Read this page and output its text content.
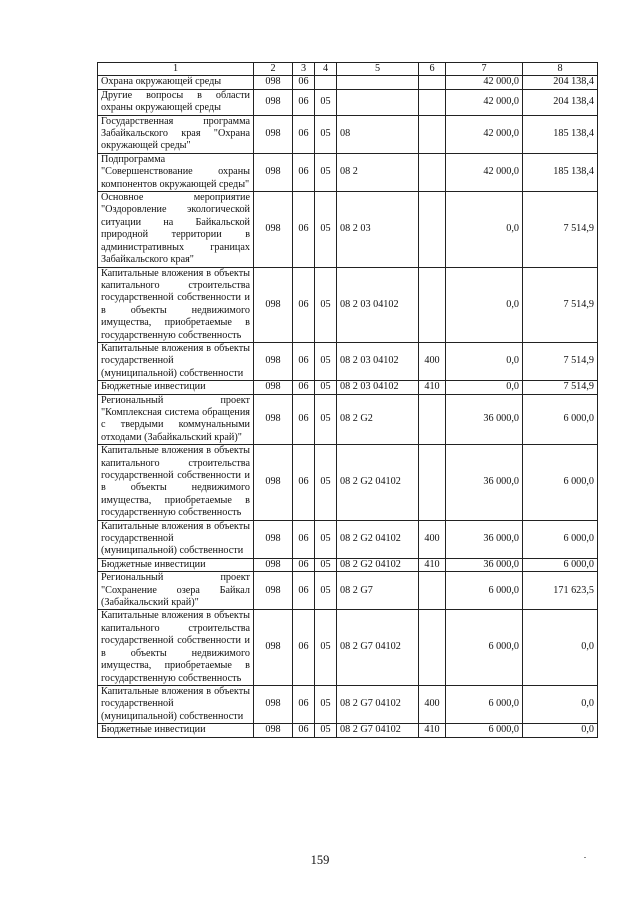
1	2	3	4	5	6	7	8
Охрана окружающей среды	098	06				42 000,0	204 138,4
Другие вопросы в области охраны окружающей среды	098	06	05			42 000,0	204 138,4
Государственная программа Забайкальского края "Охрана окружающей среды"	098	06	05	08		42 000,0	185 138,4
Подпрограмма "Совершенствование охраны компонентов окружающей среды"	098	06	05	08 2		42 000,0	185 138,4
Основное мероприятие "Оздоровление экологической ситуации на Байкальской природной территории в административных границах Забайкальского края"	098	06	05	08 2 03		0,0	7 514,9
Капитальные вложения в объекты капитального строительства государственной собственности и в объекты недвижимого имущества, приобретаемые в государственную собственность	098	06	05	08 2 03 04102		0,0	7 514,9
Капитальные вложения в объекты государственной (муниципальной) собственности	098	06	05	08 2 03 04102	400	0,0	7 514,9
Бюджетные инвестиции	098	06	05	08 2 03 04102	410	0,0	7 514,9
Региональный проект "Комплексная система обращения с твердыми коммунальными отходами (Забайкальский край)"	098	06	05	08 2 G2		36 000,0	6 000,0
Капитальные вложения в объекты капитального строительства государственной собственности и в объекты недвижимого имущества, приобретаемые в государственную собственность	098	06	05	08 2 G2 04102		36 000,0	6 000,0
Капитальные вложения в объекты государственной (муниципальной) собственности	098	06	05	08 2 G2 04102	400	36 000,0	6 000,0
Бюджетные инвестиции	098	06	05	08 2 G2 04102	410	36 000,0	6 000,0
Региональный проект "Сохранение озера Байкал (Забайкальский край)"	098	06	05	08 2 G7		6 000,0	171 623,5
Капитальные вложения в объекты капитального строительства государственной собственности и в объекты недвижимого имущества, приобретаемые в государственную собственность	098	06	05	08 2 G7 04102		6 000,0	0,0
Капитальные вложения в объекты государственной (муниципальной) собственности	098	06	05	08 2 G7 04102	400	6 000,0	0,0
Бюджетные инвестиции	098	06	05	08 2 G7 04102	410	6 000,0	0,0
159
